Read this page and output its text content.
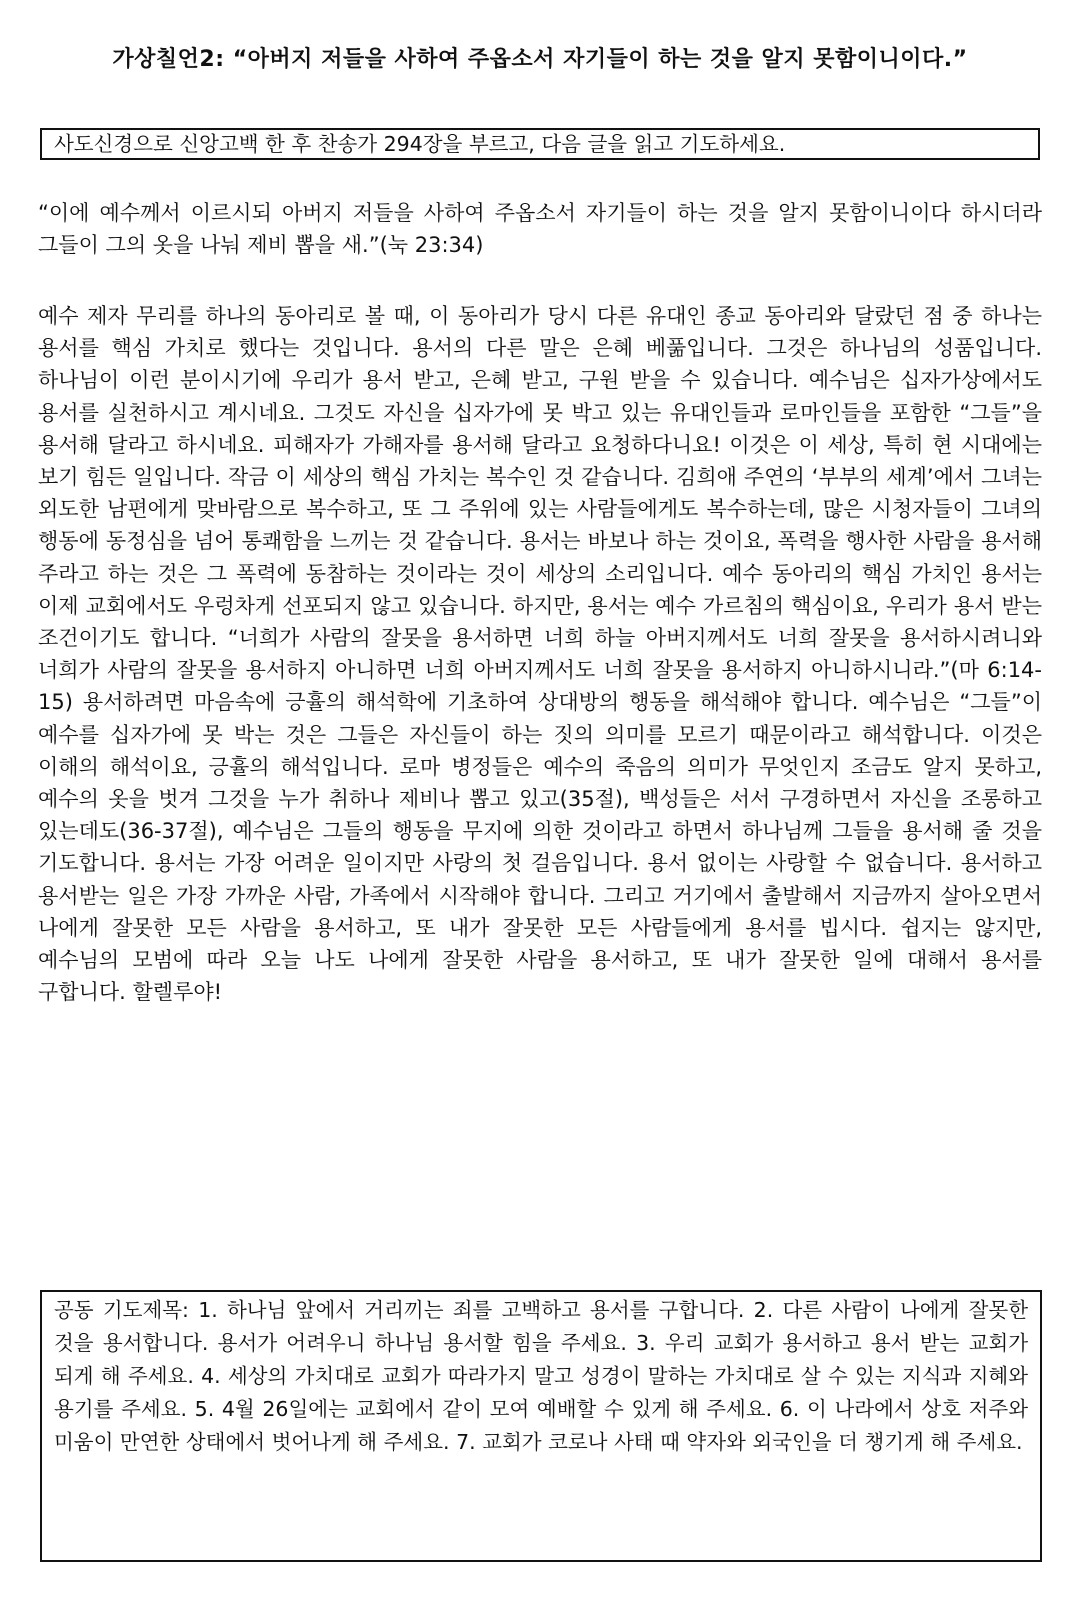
가상칠언2: “아버지 저들을 사하여 주옵소서 자기들이 하는 것을 알지 못함이니이다.”
사도신경으로 신앙고백 한 후 찬송가 294장을 부르고, 다음 글을 읽고 기도하세요.
“이에 예수께서 이르시되 아버지 저들을 사하여 주옵소서 자기들이 하는 것을 알지 못함이니이다 하시더라 그들이 그의 옷을 나눠 제비 뽑을 새.”(눅 23:34)
예수 제자 무리를 하나의 동아리로 볼 때, 이 동아리가 당시 다른 유대인 종교 동아리와 달랐던 점 중 하나는 용서를 핵심 가치로 했다는 것입니다. 용서의 다른 말은 은혜 베풂입니다. 그것은 하나님의 성품입니다. 하나님이 이런 분이시기에 우리가 용서 받고, 은혜 받고, 구원 받을 수 있습니다. 예수님은 십자가상에서도 용서를 실천하시고 계시네요. 그것도 자신을 십자가에 못 박고 있는 유대인들과 로마인들을 포함한 “그들”을 용서해 달라고 하시네요. 피해자가 가해자를 용서해 달라고 요청하다니요! 이것은 이 세상, 특히 현 시대에는 보기 힘든 일입니다. 작금 이 세상의 핵심 가치는 복수인 것 같습니다. 김희애 주연의 ‘부부의 세계’에서 그녀는 외도한 남편에게 맞바람으로 복수하고, 또 그 주위에 있는 사람들에게도 복수하는데, 많은 시청자들이 그녀의 행동에 동정심을 넘어 통쾌함을 느끼는 것 같습니다. 용서는 바보나 하는 것이요, 폭력을 행사한 사람을 용서해 주라고 하는 것은 그 폭력에 동참하는 것이라는 것이 세상의 소리입니다. 예수 동아리의 핵심 가치인 용서는 이제 교회에서도 우렁차게 선포되지 않고 있습니다. 하지만, 용서는 예수 가르침의 핵심이요, 우리가 용서 받는 조건이기도 합니다. “너희가 사람의 잘못을 용서하면 너희 하늘 아버지께서도 너희 잘못을 용서하시려니와 너희가 사람의 잘못을 용서하지 아니하면 너희 아버지께서도 너희 잘못을 용서하지 아니하시니라.”(마 6:14-15) 용서하려면 마음속에 긍휼의 해석학에 기초하여 상대방의 행동을 해석해야 합니다. 예수님은 “그들”이 예수를 십자가에 못 박는 것은 그들은 자신들이 하는 짓의 의미를 모르기 때문이라고 해석합니다. 이것은 이해의 해석이요, 긍휼의 해석입니다. 로마 병정들은 예수의 죽음의 의미가 무엇인지 조금도 알지 못하고, 예수의 옷을 벗겨 그것을 누가 취하나 제비나 뽑고 있고(35절), 백성들은 서서 구경하면서 자신을 조롱하고 있는데도(36-37절), 예수님은 그들의 행동을 무지에 의한 것이라고 하면서 하나님께 그들을 용서해 줄 것을 기도합니다. 용서는 가장 어려운 일이지만 사랑의 첫 걸음입니다. 용서 없이는 사랑할 수 없습니다. 용서하고 용서받는 일은 가장 가까운 사람, 가족에서 시작해야 합니다. 그리고 거기에서 출발해서 지금까지 살아오면서 나에게 잘못한 모든 사람을 용서하고, 또 내가 잘못한 모든 사람들에게 용서를 빕시다. 쉽지는 않지만, 예수님의 모범에 따라 오늘 나도 나에게 잘못한 사람을 용서하고, 또 내가 잘못한 일에 대해서 용서를 구합니다. 할렐루야!
공동 기도제목: 1. 하나님 앞에서 거리끼는 죄를 고백하고 용서를 구합니다. 2. 다른 사람이 나에게 잘못한 것을 용서합니다. 용서가 어려우니 하나님 용서할 힘을 주세요. 3. 우리 교회가 용서하고 용서 받는 교회가 되게 해 주세요. 4. 세상의 가치대로 교회가 따라가지 말고 성경이 말하는 가치대로 살 수 있는 지식과 지혜와 용기를 주세요. 5. 4월 26일에는 교회에서 같이 모여 예배할 수 있게 해 주세요. 6. 이 나라에서 상호 저주와 미움이 만연한 상태에서 벗어나게 해 주세요. 7. 교회가 코로나 사태 때 약자와 외국인을 더 챙기게 해 주세요.
